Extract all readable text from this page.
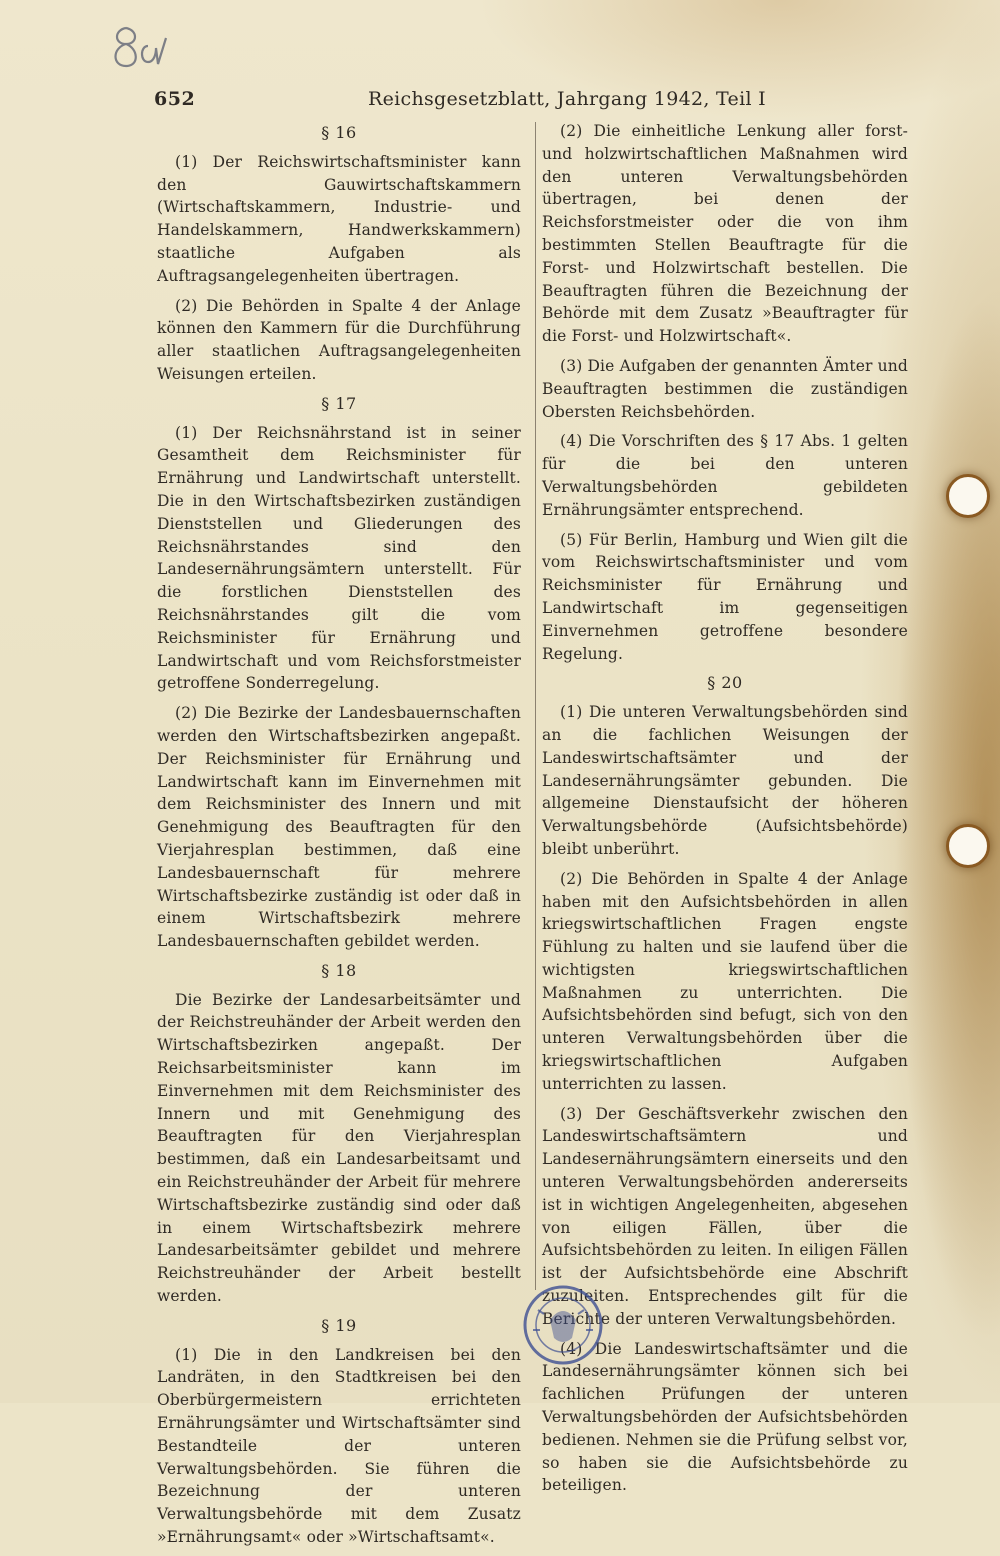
652	Reichsgesetzblatt, Jahrgang 1942, Teil I
§ 16

(1) Der Reichswirtschaftsminister kann den Gauwirtschaftskammern (Wirtschaftskammern, Industrie- und Handelskammern, Handwerkskammern) staatliche Aufgaben als Auftragsangelegenheiten übertragen.

(2) Die Behörden in Spalte 4 der Anlage können den Kammern für die Durchführung aller staatlichen Auftragsangelegenheiten Weisungen erteilen.

§ 17

(1) Der Reichsnährstand ist in seiner Gesamtheit dem Reichsminister für Ernährung und Landwirtschaft unterstellt. Die in den Wirtschaftsbezirken zuständigen Dienststellen und Gliederungen des Reichsnährstandes sind den Landesernährungsämtern unterstellt. Für die forstlichen Dienststellen des Reichsnährstandes gilt die vom Reichsminister für Ernährung und Landwirtschaft und vom Reichsforstmeister getroffene Sonderregelung.

(2) Die Bezirke der Landesbauernschaften werden den Wirtschaftsbezirken angepaßt. Der Reichsminister für Ernährung und Landwirtschaft kann im Einvernehmen mit dem Reichsminister des Innern und mit Genehmigung des Beauftragten für den Vierjahresplan bestimmen, daß eine Landesbauernschaft für mehrere Wirtschaftsbezirke zuständig ist oder daß in einem Wirtschaftsbezirk mehrere Landesbauernschaften gebildet werden.

§ 18

Die Bezirke der Landesarbeitsämter und der Reichstreuhänder der Arbeit werden den Wirtschaftsbezirken angepaßt. Der Reichsarbeitsminister kann im Einvernehmen mit dem Reichsminister des Innern und mit Genehmigung des Beauftragten für den Vierjahresplan bestimmen, daß ein Landesarbeitsamt und ein Reichstreuhänder der Arbeit für mehrere Wirtschaftsbezirke zuständig sind oder daß in einem Wirtschaftsbezirk mehrere Landesarbeitsämter gebildet und mehrere Reichstreuhänder der Arbeit bestellt werden.

§ 19

(1) Die in den Landkreisen bei den Landräten, in den Stadtkreisen bei den Oberbürgermeistern errichteten Ernährungsämter und Wirtschaftsämter sind Bestandteile der unteren Verwaltungsbehörden. Sie führen die Bezeichnung der unteren Verwaltungsbehörde mit dem Zusatz »Ernährungsamt« oder »Wirtschaftsamt«.

(2) Die einheitliche Lenkung aller forst- und holzwirtschaftlichen Maßnahmen wird den unteren Verwaltungsbehörden übertragen, bei denen der Reichsforstmeister oder die von ihm bestimmten Stellen Beauftragte für die Forst- und Holzwirtschaft bestellen. Die Beauftragten führen die Bezeichnung der Behörde mit dem Zusatz »Beauftragter für die Forst- und Holzwirtschaft«.

(3) Die Aufgaben der genannten Ämter und Beauftragten bestimmen die zuständigen Obersten Reichsbehörden.

(4) Die Vorschriften des § 17 Abs. 1 gelten für die bei den unteren Verwaltungsbehörden gebildeten Ernährungsämter entsprechend.

(5) Für Berlin, Hamburg und Wien gilt die vom Reichswirtschaftsminister und vom Reichsminister für Ernährung und Landwirtschaft im gegenseitigen Einvernehmen getroffene besondere Regelung.

§ 20

(1) Die unteren Verwaltungsbehörden sind an die fachlichen Weisungen der Landeswirtschaftsämter und der Landesernährungsämter gebunden. Die allgemeine Dienstaufsicht der höheren Verwaltungsbehörde (Aufsichtsbehörde) bleibt unberührt.

(2) Die Behörden in Spalte 4 der Anlage haben mit den Aufsichtsbehörden in allen kriegswirtschaftlichen Fragen engste Fühlung zu halten und sie laufend über die wichtigsten kriegswirtschaftlichen Maßnahmen zu unterrichten. Die Aufsichtsbehörden sind befugt, sich von den unteren Verwaltungsbehörden über die kriegswirtschaftlichen Aufgaben unterrichten zu lassen.

(3) Der Geschäftsverkehr zwischen den Landeswirtschaftsämtern und Landesernährungsämtern einerseits und den unteren Verwaltungsbehörden andererseits ist in wichtigen Angelegenheiten, abgesehen von eiligen Fällen, über die Aufsichtsbehörden zu leiten. In eiligen Fällen ist der Aufsichtsbehörde eine Abschrift zuzuleiten. Entsprechendes gilt für die Berichte der unteren Verwaltungsbehörden.

(4) Die Landeswirtschaftsämter und die Landesernährungsämter können sich bei fachlichen Prüfungen der unteren Verwaltungsbehörden der Aufsichtsbehörden bedienen. Nehmen sie die Prüfung selbst vor, so haben sie die Aufsichtsbehörde zu beteiligen.
